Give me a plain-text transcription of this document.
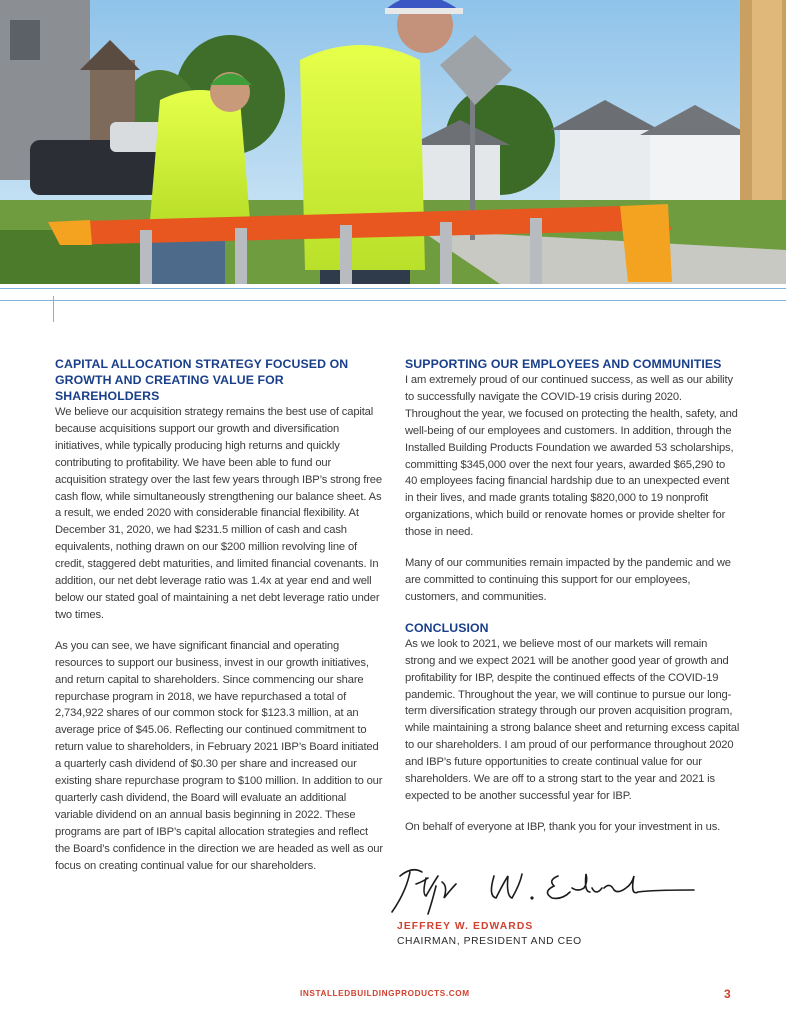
CAPITAL ALLOCATION STRATEGY FOCUSED ON GROWTH AND CREATING VALUE FOR SHAREHOLDERS

We believe our acquisition strategy remains the best use of capital because acquisitions support our growth and diversification initiatives, while typically producing high returns and quickly contributing to profitability. We have been able to fund our acquisition strategy over the last few years through IBP’s strong free cash flow, while simultaneously strengthening our balance sheet. As a result, we ended 2020 with considerable financial flexibility. At December 31, 2020, we had $231.5 million of cash and cash equivalents, nothing drawn on our $200 million revolving line of credit, staggered debt maturities, and limited financial covenants. In addition, our net debt leverage ratio was 1.4x at year end and well below our stated goal of maintaining a net debt leverage ratio under two times.

As you can see, we have significant financial and operating resources to support our business, invest in our growth initiatives, and return capital to shareholders. Since commencing our share repurchase program in 2018, we have repurchased a total of 2,734,922 shares of our common stock for $123.3 million, at an average price of $45.06. Reflecting our continued commitment to return value to shareholders, in February 2021 IBP’s Board initiated a quarterly cash dividend of $0.30 per share and increased our existing share repurchase program to $100 million. In addition to our quarterly cash dividend, the Board will evaluate an additional variable dividend on an annual basis beginning in 2022. These programs are part of IBP’s capital allocation strategies and reflect the Board’s confidence in the direction we are headed as well as our focus on creating continual value for our shareholders.

SUPPORTING OUR EMPLOYEES AND COMMUNITIES

I am extremely proud of our continued success, as well as our ability to successfully navigate the COVID-19 crisis during 2020. Throughout the year, we focused on protecting the health, safety, and well-being of our employees and customers. In addition, through the Installed Building Products Foundation we awarded 53 scholarships, committing $345,000 over the next four years, awarded $65,290 to 40 employees facing financial hardship due to an unexpected event in their lives, and made grants totaling $820,000 to 19 nonprofit organizations, which build or renovate homes or provide shelter for those in need.

Many of our communities remain impacted by the pandemic and we are committed to continuing this support for our employees, customers, and communities.

CONCLUSION

As we look to 2021, we believe most of our markets will remain strong and we expect 2021 will be another good year of growth and profitability for IBP, despite the continued effects of the COVID-19 pandemic. Throughout the year, we will continue to pursue our long-term diversification strategy through our proven acquisition program, while maintaining a strong balance sheet and returning excess capital to our shareholders. I am proud of our performance throughout 2020 and IBP’s future opportunities to create continual value for our shareholders. We are off to a strong start to the year and 2021 is expected to be another successful year for IBP.

On behalf of everyone at IBP, thank you for your investment in us.

JEFFREY W. EDWARDS
CHAIRMAN, PRESIDENT AND CEO
INSTALLEDBUILDINGPRODUCTS.COM	3
